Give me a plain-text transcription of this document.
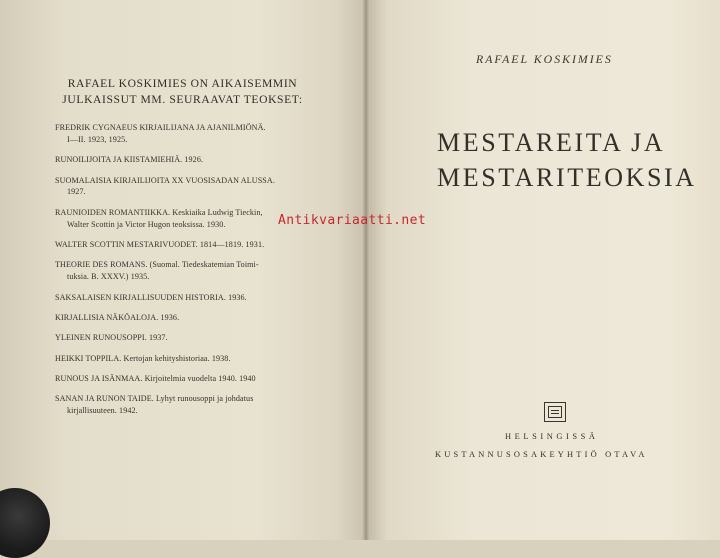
RAFAEL KOSKIMIES ON AIKAISEMMIN
JULKAISSUT MM. SEURAAVAT TEOKSET:
FREDRIK CYGNAEUS KIRJAILIJANA JA AJANILMIÖNÄ.
I—II. 1923, 1925.
RUNOILIJOITA JA KIISTAMIEHIÄ. 1926.
SUOMALAISIA KIRJAILIJOITA XX VUOSISADAN ALUSSA.
1927.
RAUNIOIDEN ROMANTIIKKA. Keskiaika Ludwig Tieckin,
Walter Scottin ja Victor Hugon teoksissa. 1930.
WALTER SCOTTIN MESTARIVUODET. 1814—1819. 1931.
THEORIE DES ROMANS. (Suomal. Tiedeskatemian Toimi-
tuksia. B. XXXV.) 1935.
SAKSALAISEN KIRJALLISUUDEN HISTORIA. 1936.
KIRJALLISIA NÄKÖALOJA. 1936.
YLEINEN RUNOUSOPPI. 1937.
HEIKKI TOPPILA. Kertojan kehityshistoriaa. 1938.
RUNOUS JA ISÄNMAA. Kirjoitelmia vuodelta 1940. 1940
SANAN JA RUNON TAIDE. Lyhyt runousoppi ja johdatus
kirjallisuuteen. 1942.
RAFAEL KOSKIMIES
MESTAREITA JA
MESTARITEOKSIA
Antikvariaatti.net
HELSINGISSÄ
KUSTANNUSOSAKEYHTIÖ OTAVA
